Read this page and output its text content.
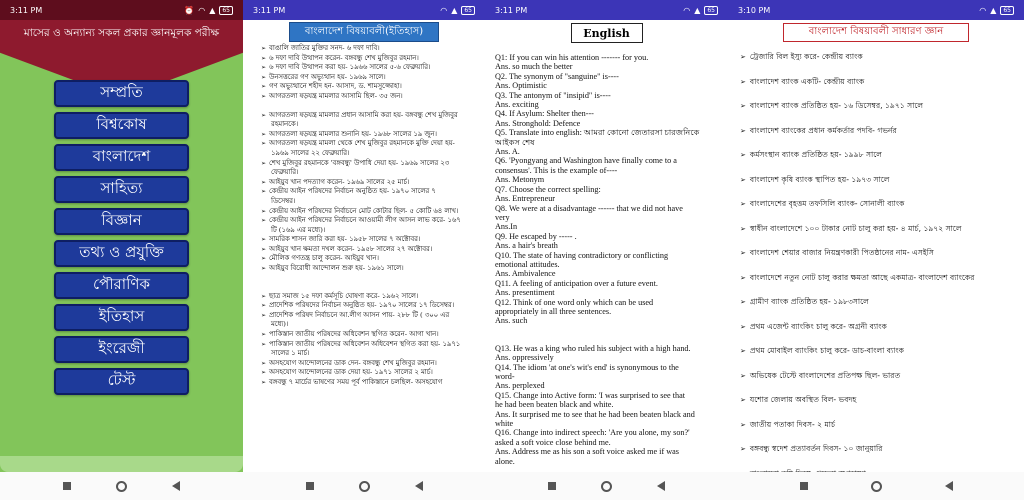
3:11 PM	⏰ ◠ ▲	65
মাসের ও অন্যান্য সকল প্রকার জ্ঞানমূলক পরীক্ষ
সম্প্রতি
বিশ্বকোষ
বাংলাদেশ
সাহিত্য
বিজ্ঞান
তথ্য ও প্রযুক্তি
পৌরাণিক
ইতিহাস
ইংরেজী
টেস্ট
3:11 PM	◠ ▲	65
বাংলাদেশ বিষয়াবলী(ইতিহাস)
➢ বাঙালি জাতির মুক্তির সনদ- ৬ দফা দাবি।
➢ ৬ দফা দাবি উত্থাপন করেন- বঙ্গবন্ধু শেখ মুজিবুর রহমান।
➢ ৬ দফা দাবি উত্থাপন করা হয়- ১৯৬৬ সালের ৫-৬ ফেব্রুয়ারি।
➢ উনসত্তরের গণ অভ্যুত্থান হয়- ১৯৬৯ সালে।
➢ গণ অভ্যুত্থানে শহীদ হন- আসাদ, ড. শামসুজ্জোহা।
➢ আগরতলা ষড়যন্ত্র মামলার আসামি ছিল- ৩৫ জন।
➢ আগরতলা ষড়যন্ত্র মামলার প্রধান আসামি করা হয়- বঙ্গবন্ধু শেখ মুজিবুর
রহমানকে।
➢ আগরতলা ষড়যন্ত্র মামলার শুনানি হয়- ১৯৬৮ সালের ১৯ জুন।
➢ আগরতলা ষড়যন্ত্র মামলা থেকে শেখ মুজিবুর রহমানকে মুক্তি দেয়া হয়-
১৯৬৯ সালের ২২ ফেব্রুয়ারি।
➢ শেখ মুজিবুর রহমানকে 'বঙ্গবন্ধু' উপাধি দেয়া হয়- ১৯৬৯ সালের ২৩
ফেব্রুয়ারি।
➢ আইয়ুব খান পদত্যাগ করেন- ১৯৬৯ সালের ২৫ মার্চ।
➢ কেন্দ্রীয় আইন পরিষদের নির্বাচন অনুষ্ঠিত হয়- ১৯৭০ সালের ৭
ডিসেম্বর।
➢ কেন্দ্রীয় আইন পরিষদের নির্বাচনে মোট কোটার ছিল- ৫ কোটি ৬৪ লাখ।
➢ কেন্দ্রীয় আইন পরিষদের নির্বাচনে আওয়ামী লীগ আসন লাভ করে- ১৬৭
টি (১৬৯ এর মধ্যে)।
➢ সামরিক শাসন জারি করা হয়- ১৯৫৮ সালের ৭ অক্টোবর।
➢ আইয়ুব খান ক্ষমতা দখল করেন- ১৯৫৮ সালের ২৭ অক্টোবর।
➢ মৌলিক গণতন্ত্র চালু করেন- আইয়ুব খান।
➢ আইয়ুব বিরোধী আন্দোলন শুরু হয়- ১৯৬১ সালে।
➢ ছাত্র সমাজ ১৫ দফা কর্মসূচি ঘোষণা করে- ১৯৬২ সালে।
➢ প্রাদেশিক পরিষদের নির্বাচন অনুষ্ঠিত হয়- ১৯৭০ সালের ১৭ ডিসেম্বর।
➢ প্রাদেশিক পরিষদ নির্বাচনে আ.লীগ আসন পায়- ২৮৮ টি ( ৩০০ এর
মধ্যে)।
➢ পাকিস্তান জাতীয় পরিষদের অধিবেশন স্থগিত করেন- আগা খান।
➢ পাকিস্তান জাতীয় পরিষদের অধিবেশন অধিবেশন স্থগিত করা হয়- ১৯৭১
সালের ১ মার্চ।
➢ অসহযোগ আন্দোলনের ডাক দেন- বঙ্গবন্ধু শেখ মুজিবুর রহমান।
➢ অসহযোগ আন্দোলনের ডাক দেয়া হয়- ১৯৭১ সালের ২ মার্চ।
➢ বঙ্গবন্ধু ৭ মার্চের ভাষণের সময় পূর্ব পাকিস্তানে চলছিল- অসহযোগ
3:11 PM	◠ ▲	65
English
Q1: If you can win his attention ------- for you.
Ans. so much the better
Q2. The synonym of "sanguine" is----
Ans. Optimistic
Q3. The antonym of "insipid" is----
Ans. exciting
Q4. If Asylum: Shelter then---
Ans. Stronghold: Defence
Q5. Translate into english: আমরা কোনো জেতারসা চারজনিকে আইকস শেষ
Ans. A.
Q6. 'Pyongyang and Washington have finally come to a
consensus'. This is the example of----
Ans. Metonym
Q7. Choose the correct spelling:
Ans. Entrepreneur
Q8. We were at a disadvantage ------ that we did not have
very
Ans.In
Q9. He escaped by ----- .
Ans. a hair's breath
Q10. The state of having contradictory or conflicting
emotional attitudes.
Ans. Ambivalence
Q11. A feeling of anticipation over a future event.
Ans. presentiment
Q12. Think of one word only which can be used
appropriately in all three sentences.
Ans. such
Q13. He was a king who ruled his subject with a high hand.
Ans. oppressively
Q14. The idiom 'at one's wit's end' is synonymous to the
word-
Ans. perplexed
Q15. Change into Active form: 'I was surprised to see that
he had been beaten black and white.
Ans. It surprised me to see that he had been beaten black and
white
Q16. Change into indirect speech: 'Are you alone, my son?'
asked a soft voice close behind me.
Ans. Address me as his son a soft voice asked me if was
alone.
3:10 PM	◠ ▲	65
বাংলাদেশ বিষয়াবলী সাধারণ জ্ঞান
➢ ট্রেজারি বিল ইস্যু করে- কেন্দ্রীয় ব্যাংক
➢ বাংলাদেশ ব্যাংক একটি- কেন্দ্রীয় ব্যাংক
➢ বাংলাদেশ ব্যাংক প্রতিষ্ঠিত হয়- ১৬ ডিসেম্বর, ১৯৭১ সালে
➢ বাংলাদেশ ব্যাংকের প্রধান কর্মকর্তার পদবি- গভর্নর
➢ কর্মসংস্থান ব্যাংক প্রতিষ্ঠিত হয়- ১৯৯৮ সালে
➢ বাংলাদেশ কৃষি ব্যাংক স্থাপিত হয়- ১৯৭৩ সালে
➢ বাংলাদেশের বৃহত্তম তফসিলি ব্যাংক- সোনালী ব্যাংক
➢ স্বাধীন বাংলাদেশে ১০০ টাকার নোট চালু করা হয়- ৪ মার্চ, ১৯৭২ সালে
➢ বাংলাদেশ শেয়ার বাজার নিয়ন্ত্রণকারী পিতষ্ঠানের নাম- এসইসি
➢ বাংলাদেশে নতুন নোট চালু করার ক্ষমতা আছে একমাত্র- বাংলাদেশ ব্যাংকের
➢ গ্রামীণ ব্যাংক প্রতিষ্ঠিত হয়- ১৯৮৩সালে
➢ প্রথম এজেন্ট ব্যাংকিং চালু করে- অগ্রনী ব্যাংক
➢ প্রথম মোবাইল ব্যাংকিং চালু করে- ডাচ-বাংলা ব্যাংক
➢ অভিষেক টেস্টে বাংলাদেশের প্রতিপক্ষ ছিল- ভারত
➢ যশোর জেলায় অবস্থিত বিল- ভবদহ
➢ জাতীয় পতাকা দিবস- ২ মার্চ
➢ বঙ্গবন্ধু স্বদেশ প্রত্যাবর্তন দিবস- ১০ জানুয়ারি
